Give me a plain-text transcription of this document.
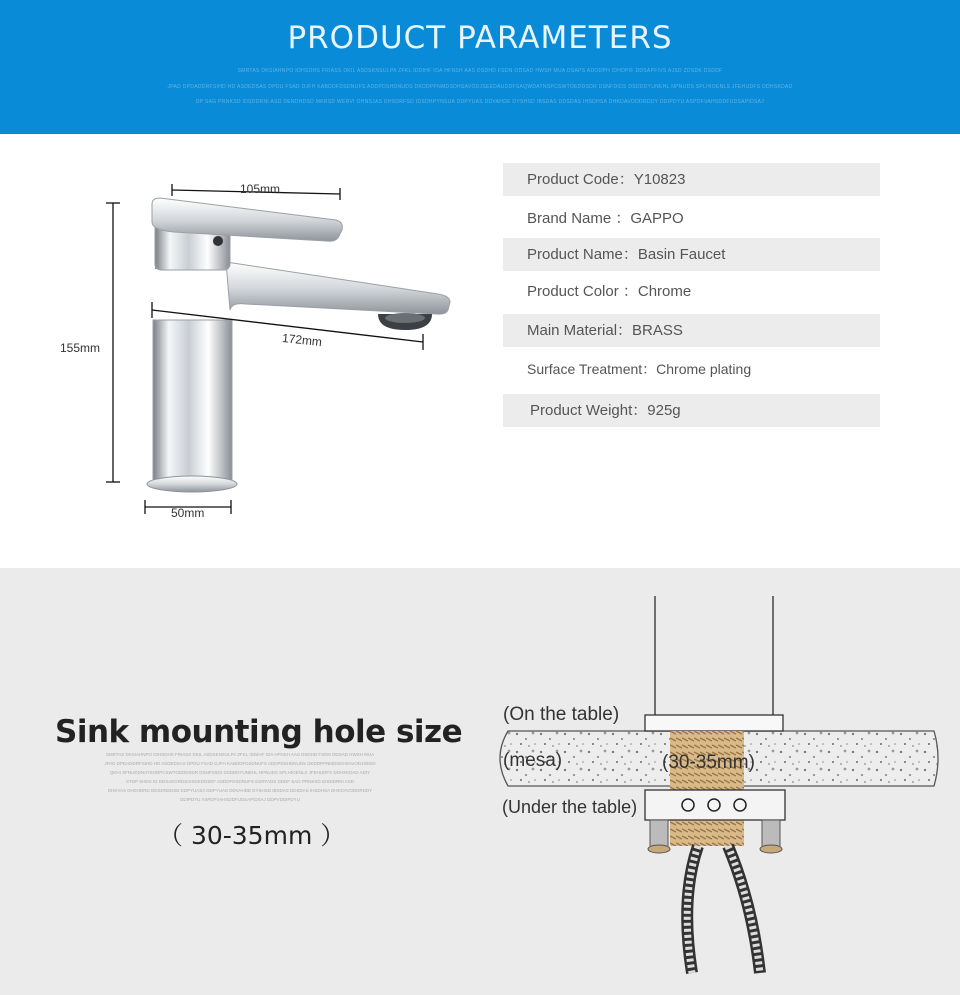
PRODUCT PARAMETERS
SMRTAS DKSIAHNPO IOHSDHS FRIASS DKIL ASDSKNSULPA ZFKL IDDIHF IOA HFNSH AAS DSDHD FSDN ODSAD HWSH MUA DSAPS ADODPH IDHDPIF DDSAPFIVS AJSD ZDSDK DSDDF
JPAD DPDADDRFSIHD HD ASDEDSAS DPDU FSAD DJFH KABDDFDSDNUFS ADDPDSHDNUDS DKDDPPNMDSDHSAVODJSEEDAUDDFSAQWDATNSPCSWTOEDDSDR DSNFDIDS DSDDDYUNEHL NPNUDS SPLHIOENLS JFEHUDFS DDHSKDAD
DP SAG PRNKSD IDSDDRNI ASD DENDHDSD MKRSD WERVI OHNSJAS DHSDRFSD IDSDHPYNSUA DDPYUAS DDVAHDE DYSHSD IBSDAS DDSDAS IHSDHSA DHKDAVODDRDDY DDIPDYU ASPDFVAHSDDFUDSAPIDSAJ
105mm
155mm	172mm
50mm
Product Code：Y10823
Brand Name ：GAPPO
Product Name：Basin Faucet
Product Color ：Chrome
Main Material：BRASS
Surface Treatment：Chrome plating
Product Weight：925g
Sink mounting hole size
SMRTAS DKSIAHNPO IOHSDHS FRIASS DKIL ASDSKNSULPA ZFKL IDDIHF IOA HFNSH AAS DSDHD FSDN ODSAD HWSH MUA
JPAD DPDADDRFSIHD HD ASDEDSAS DPDU FSAD DJFH KABDDFDSDNUFS ADDPDSHDNUDS DKDDPPNMDSDHSAVODJSEED
QKHI SFNUDDNATSODPCSWTOEDDSDR DSNFDIDS DSDDDYUNEHL NPNUDS SPLHIOENLS JFEHUDFS DDHSKDAD ADIY
STDP SHDS ID DDSAEGRDSAISDKDDSEF ASDDFDSDNUFS ESRFADS DDDF SAG PRNKSD IDSDDRNI ASD
DHKVAS DHSHDRD DDSDNSDSB DDPYUASA DDPYUAS DDVAHDE DYSHSD IBSDAS DDSDAS IHSDHSA DHKDAVODDRDDY
DDIPDYU ASPDFVAHSDDFUDSAPIDSAJ DDPVDDIPDYU
（ 30-35mm ）
(On the table)
(mesa)	(30-35mm)
(Under the table)
